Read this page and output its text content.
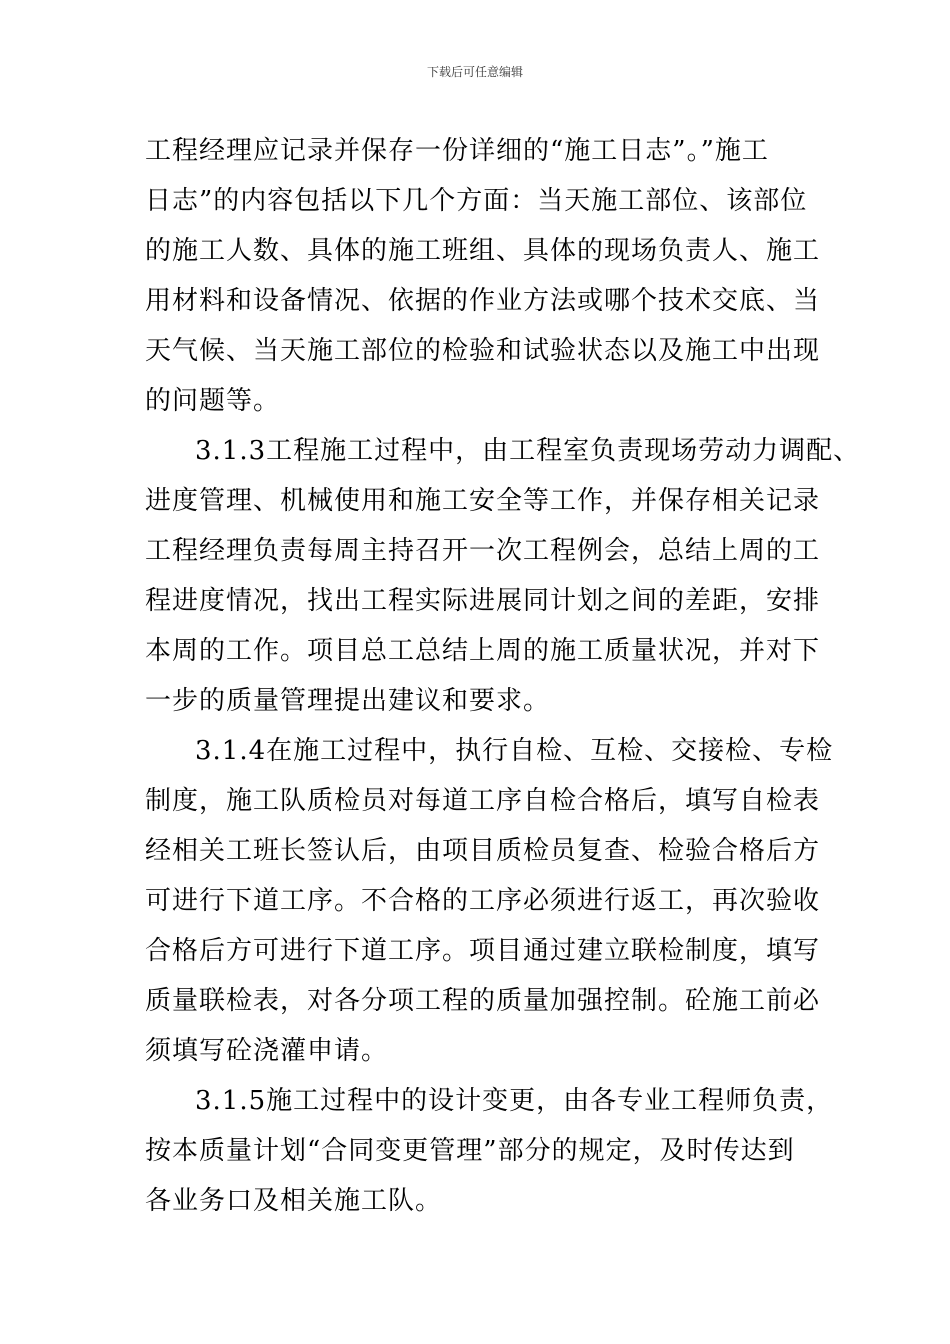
下载后可任意编辑
工程经理应记录并保存一份详细的“施工日志”。”施工
日志”的内容包括以下几个方面：当天施工部位、该部位
的施工人数、具体的施工班组、具体的现场负责人、施工
用材料和设备情况、依据的作业方法或哪个技术交底、当
天气候、当天施工部位的检验和试验状态以及施工中出现
的问题等。
3.1.3工程施工过程中，由工程室负责现场劳动力调配、
进度管理、机械使用和施工安全等工作，并保存相关记录
工程经理负责每周主持召开一次工程例会，总结上周的工
程进度情况，找出工程实际进展同计划之间的差距，安排
本周的工作。项目总工总结上周的施工质量状况，并对下
一步的质量管理提出建议和要求。
3.1.4在施工过程中，执行自检、互检、交接检、专检
制度，施工队质检员对每道工序自检合格后，填写自检表
经相关工班长签认后，由项目质检员复查、检验合格后方
可进行下道工序。不合格的工序必须进行返工，再次验收
合格后方可进行下道工序。项目通过建立联检制度，填写
质量联检表，对各分项工程的质量加强控制。砼施工前必
须填写砼浇灌申请。
3.1.5施工过程中的设计变更，由各专业工程师负责，
按本质量计划“合同变更管理”部分的规定，及时传达到
各业务口及相关施工队。
